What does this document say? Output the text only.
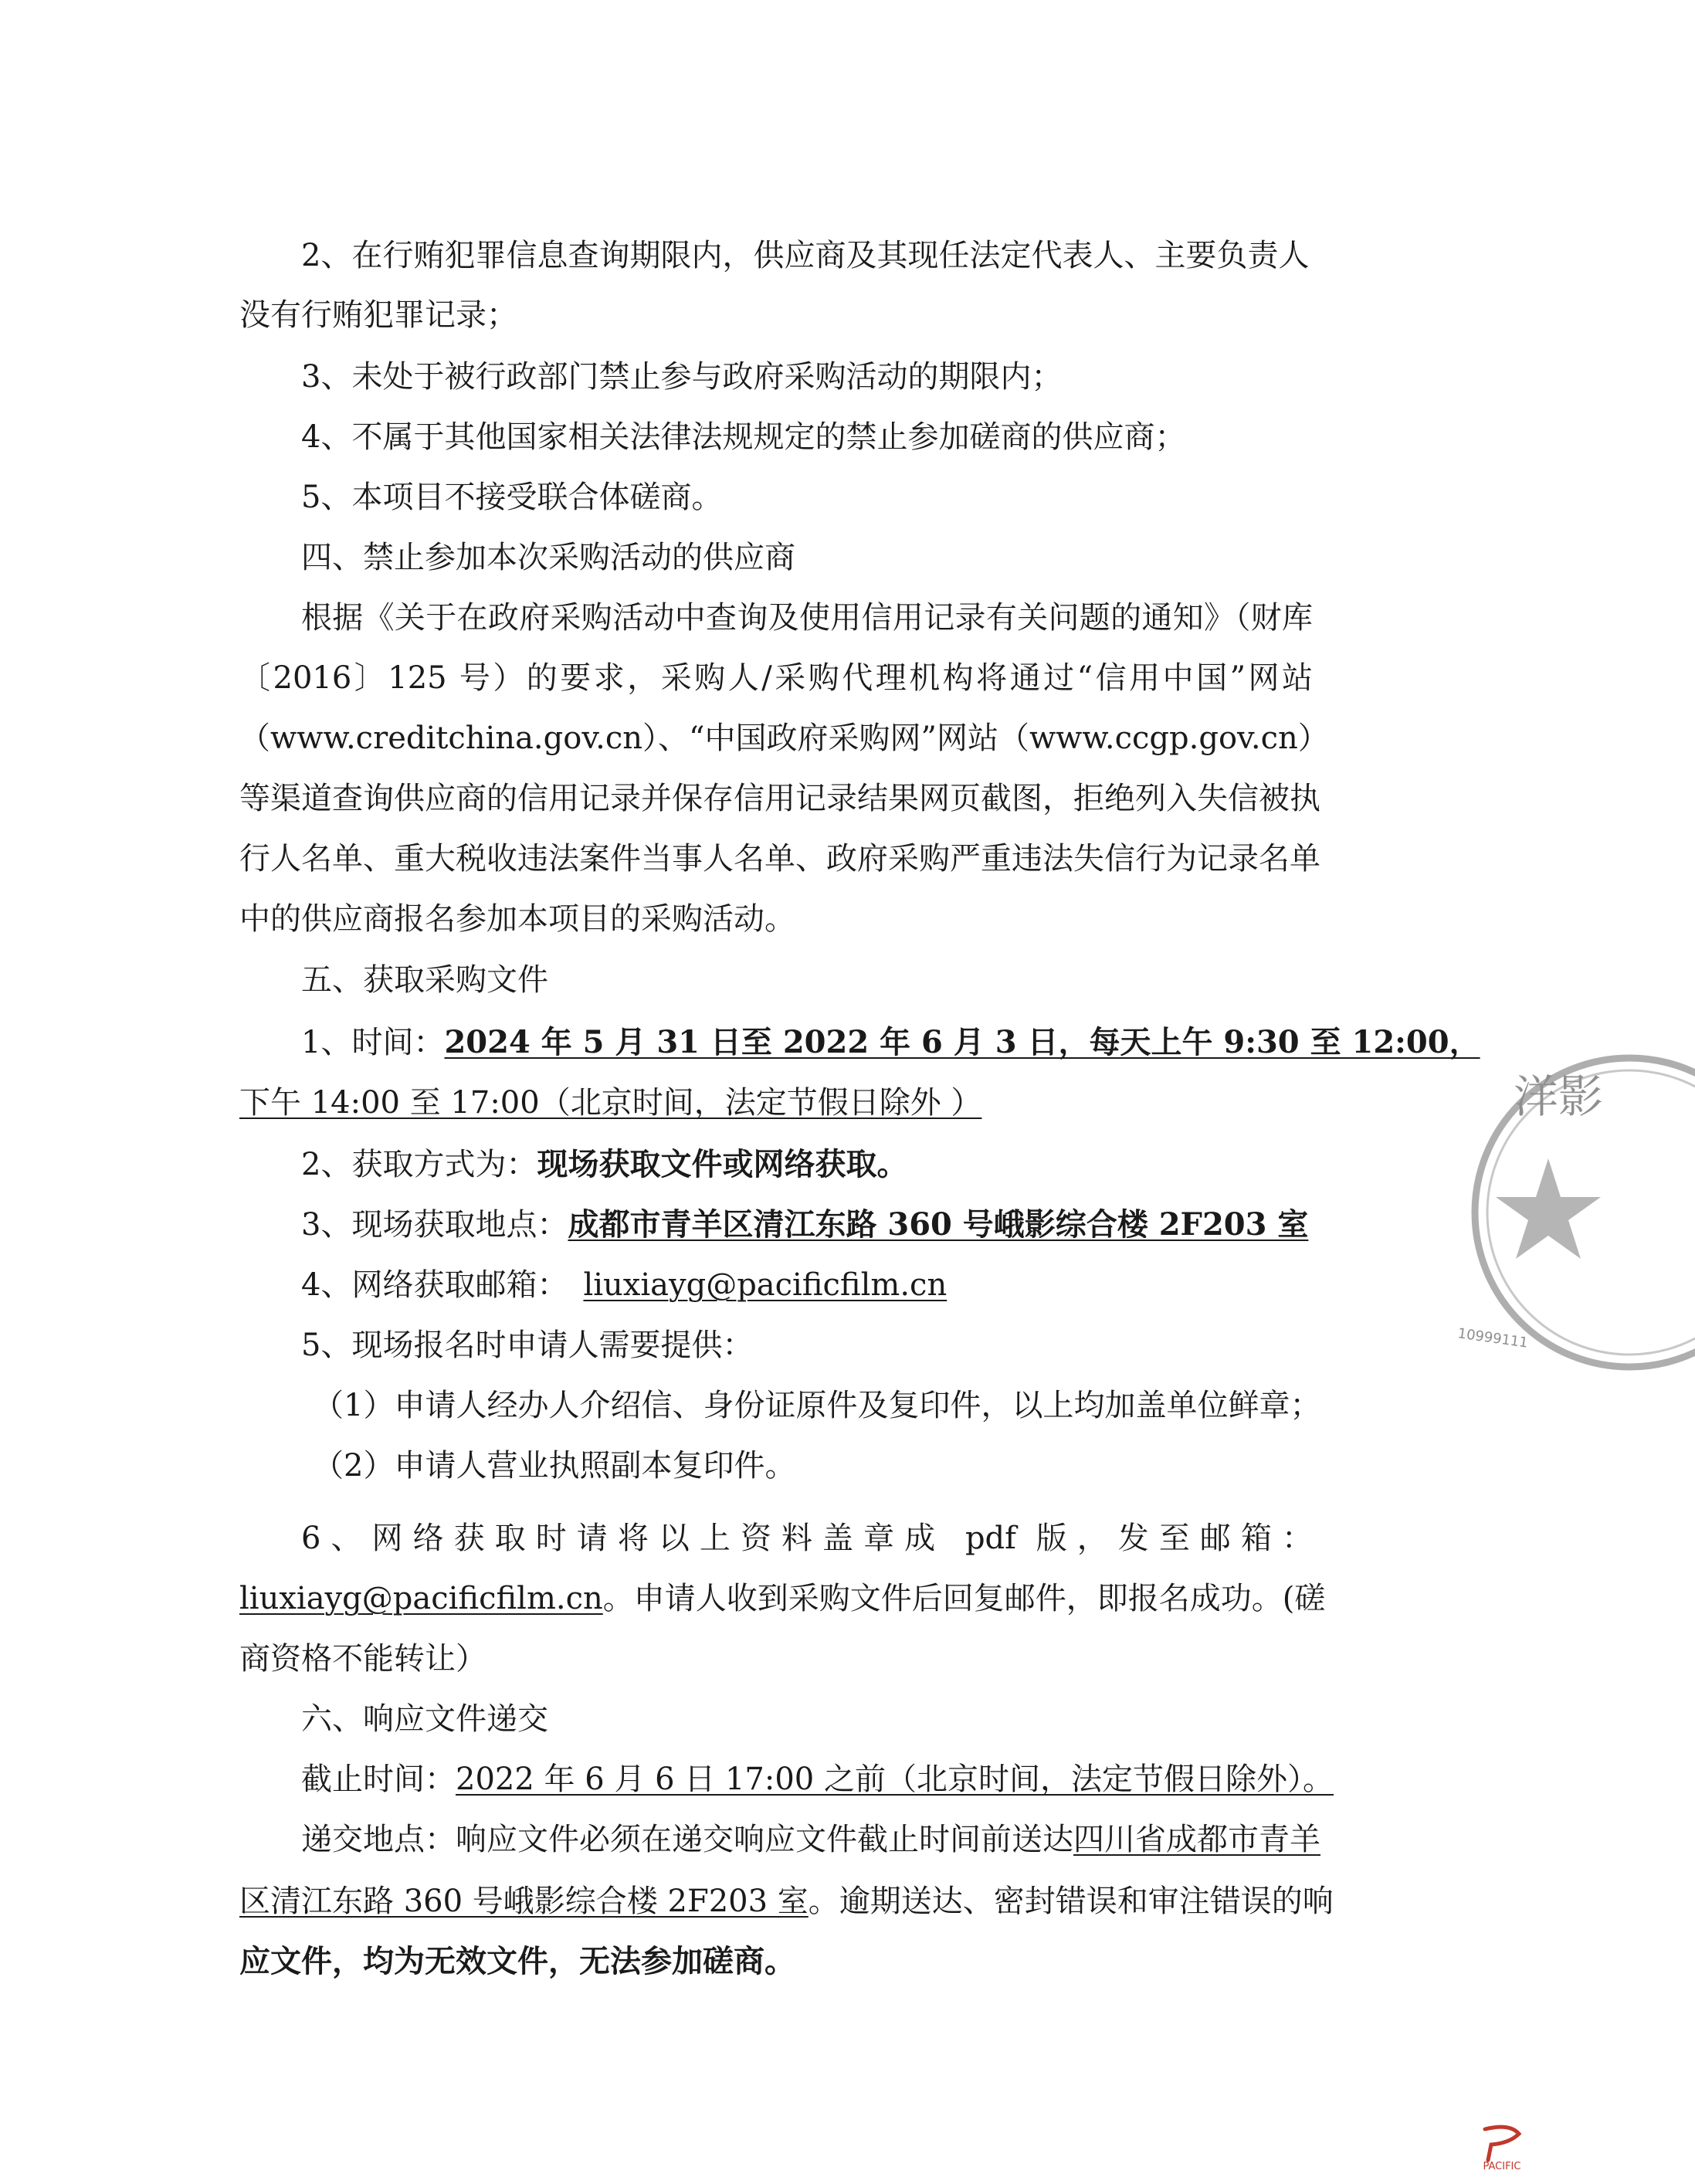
2、在行贿犯罪信息查询期限内，供应商及其现任法定代表人、主要负责人
没有行贿犯罪记录；
3、未处于被行政部门禁止参与政府采购活动的期限内；
4、不属于其他国家相关法律法规规定的禁止参加磋商的供应商；
5、本项目不接受联合体磋商。
四、禁止参加本次采购活动的供应商
根据《关于在政府采购活动中查询及使用信用记录有关问题的通知》（财库
〔2016〕125 号）的要求，采购人/采购代理机构将通过“信用中国”网站
（www.creditchina.gov.cn）、“中国政府采购网”网站（www.ccgp.gov.cn）
等渠道查询供应商的信用记录并保存信用记录结果网页截图，拒绝列入失信被执
行人名单、重大税收违法案件当事人名单、政府采购严重违法失信行为记录名单
中的供应商报名参加本项目的采购活动。
五、获取采购文件
1、时间：2024 年 5 月 31 日至 2022 年 6 月 3 日，每天上午 9:30 至 12:00，
下午 14:00 至 17:00（北京时间，法定节假日除外 ）
2、获取方式为：现场获取文件或网络获取。
3、现场获取地点：成都市青羊区清江东路 360 号峨影综合楼 2F203 室
4、网络获取邮箱： liuxiayg@pacificfilm.cn
5、现场报名时申请人需要提供：
（1）申请人经办人介绍信、身份证原件及复印件，以上均加盖单位鲜章；
（2）申请人营业执照副本复印件。
6、网络获取时请将以上资料盖章成 pdf 版，发至邮箱：
liuxiayg@pacificfilm.cn。申请人收到采购文件后回复邮件，即报名成功。(磋
商资格不能转让）
六、响应文件递交
截止时间：2022 年 6 月 6 日 17:00 之前（北京时间，法定节假日除外）。
递交地点：响应文件必须在递交响应文件截止时间前送达四川省成都市青羊
区清江东路 360 号峨影综合楼 2F203 室。逾期送达、密封错误和审注错误的响
应文件，均为无效文件，无法参加磋商。
洋影
10999111
PACIFIC
